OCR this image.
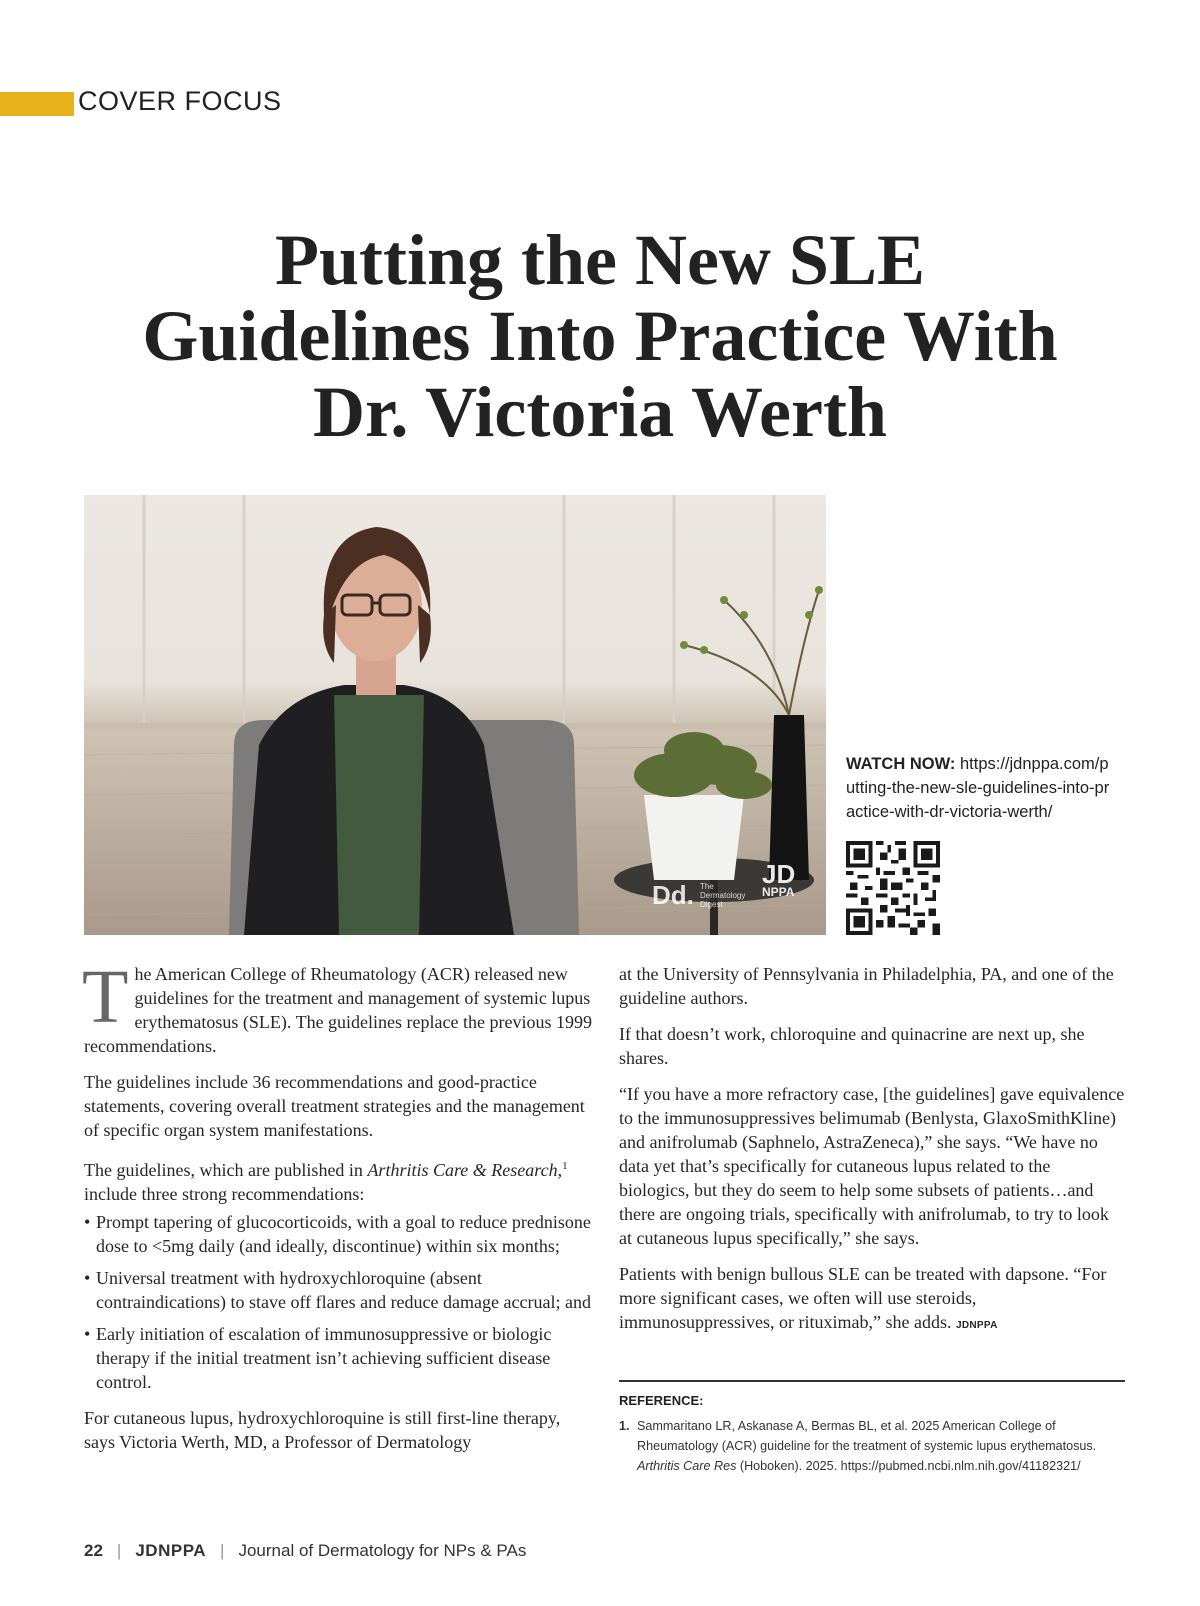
COVER FOCUS
Putting the New SLE
Guidelines Into Practice With
Dr. Victoria Werth
Dd. The Dermatology Digest
JD
NPPA
WATCH NOW: https://jdnppa.com/putting-the-new-sle-guidelines-into-practice-with-dr-victoria-werth/

The American College of Rheumatology (ACR) released new guidelines for the treatment and management of systemic lupus erythematosus (SLE). The guidelines replace the previous 1999 recommendations.

The guidelines include 36 recommendations and good-practice statements, covering overall treatment strategies and the management of specific organ system manifestations.

The guidelines, which are published in Arthritis Care & Research,$^1$ include three strong recommendations:

• Prompt tapering of glucocorticoids, with a goal to reduce prednisone dose to <5mg daily (and ideally, discontinue) within six months;
• Universal treatment with hydroxychloroquine (absent contraindications) to stave off flares and reduce damage accrual; and
• Early initiation of escalation of immunosuppressive or biologic therapy if the initial treatment isn’t achieving sufficient disease control.

For cutaneous lupus, hydroxychloroquine is still first-line therapy, says Victoria Werth, MD, a Professor of Dermatology

at the University of Pennsylvania in Philadelphia, PA, and one of the guideline authors.

If that doesn’t work, chloroquine and quinacrine are next up, she shares.

“If you have a more refractory case, [the guidelines] gave equivalence to the immunosuppressives belimumab (Benlysta, GlaxoSmithKline) and anifrolumab (Saphnelo, AstraZeneca),” she says. “We have no data yet that’s specifically for cutaneous lupus related to the biologics, but they do seem to help some subsets of patients…and there are ongoing trials, specifically with anifrolumab, to try to look at cutaneous lupus specifically,” she says.

Patients with benign bullous SLE can be treated with dapsone. “For more significant cases, we often will use steroids, immunosuppressives, or rituximab,” she adds. JDNPPA

REFERENCE:
1. Sammaritano LR, Askanase A, Bermas BL, et al. 2025 American College of Rheumatology (ACR) guideline for the treatment of systemic lupus erythematosus. Arthritis Care Res (Hoboken). 2025. https://pubmed.ncbi.nlm.nih.gov/41182321/
22 | JDNPPA | Journal of Dermatology for NPs & PAs
